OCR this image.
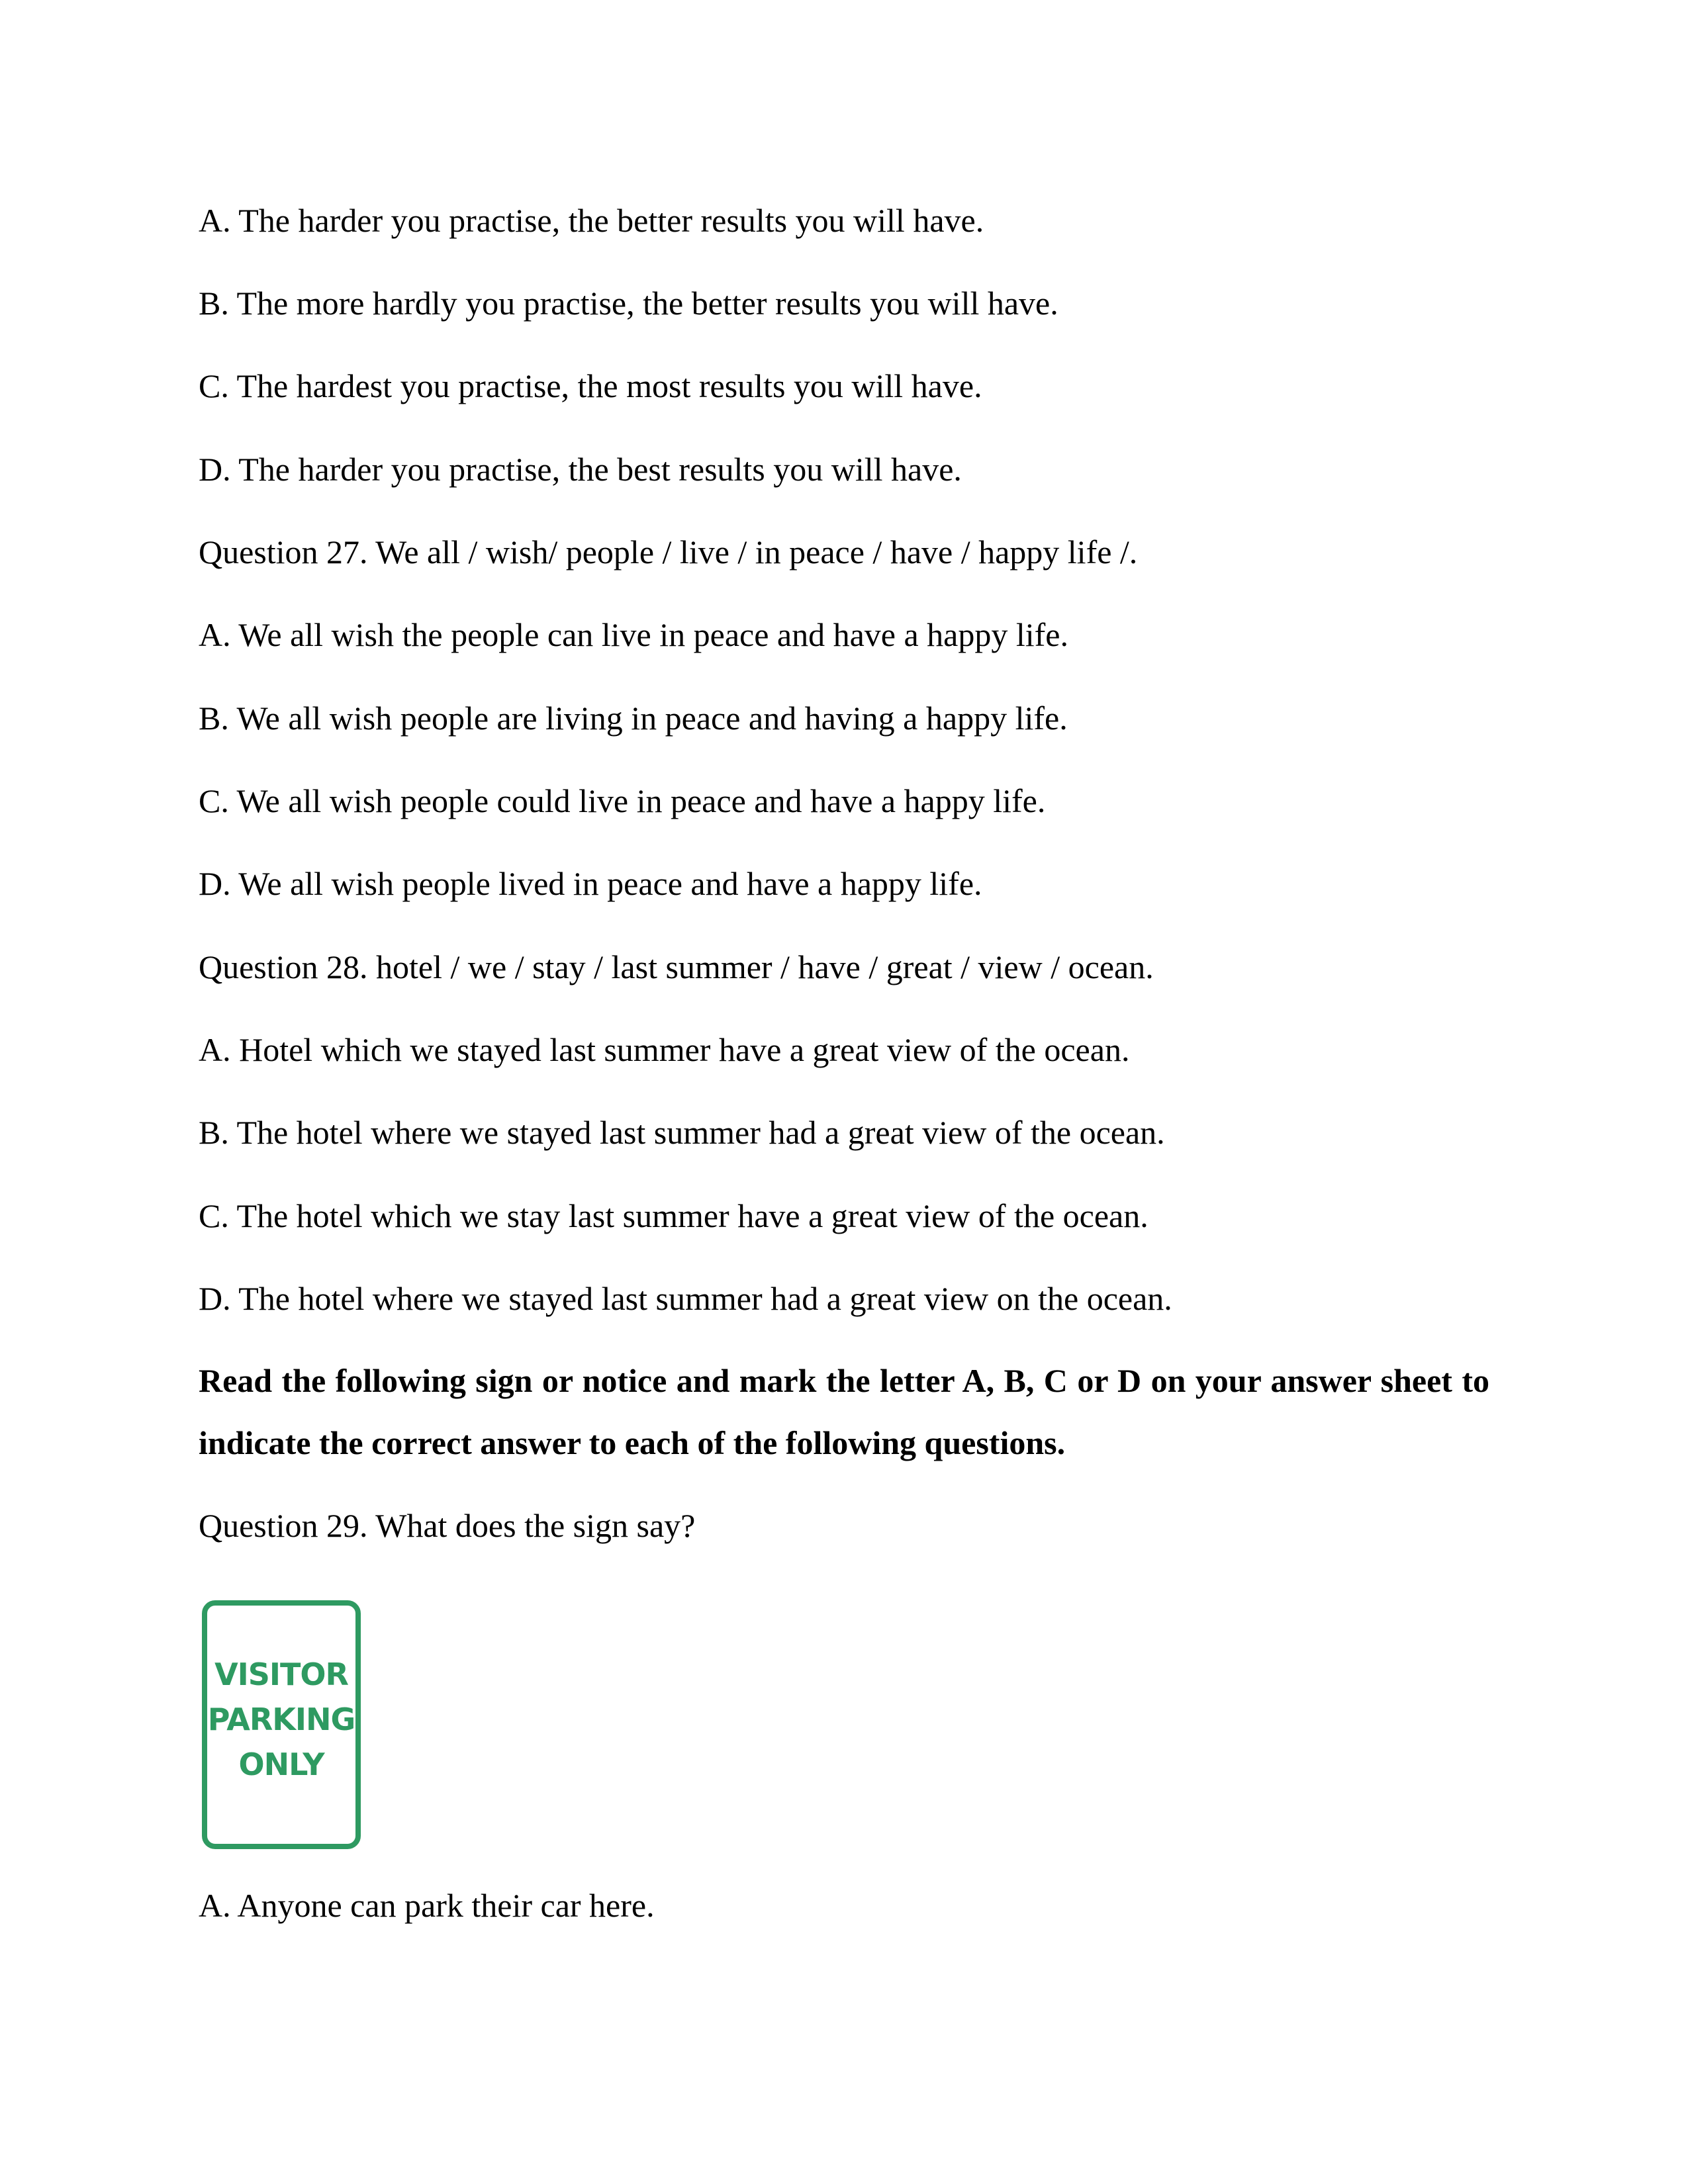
A. The harder you practise, the better results you will have.
B. The more hardly you practise, the better results you will have.
C. The hardest you practise, the most results you will have.
D. The harder you practise, the best results you will have.
Question 27. We all / wish/ people / live / in peace / have / happy life /.
A. We all wish the people can live in peace and have a happy life.
B. We all wish people are living in peace and having a happy life.
C. We all wish people could live in peace and have a happy life.
D. We all wish people lived in peace and have a happy life.
Question 28. hotel / we / stay / last summer / have / great / view / ocean.
A. Hotel which we stayed last summer have a great view of the ocean.
B. The hotel where we stayed last summer had a great view of the ocean.
C. The hotel which we stay last summer have a great view of the ocean.
D. The hotel where we stayed last summer had a great view on the ocean.
Read the following sign or notice and mark the letter A, B, C or D on your answer sheet to indicate the correct answer to each of the following questions.
Question 29. What does the sign say?
VISITOR
PARKING
ONLY
A. Anyone can park their car here.
